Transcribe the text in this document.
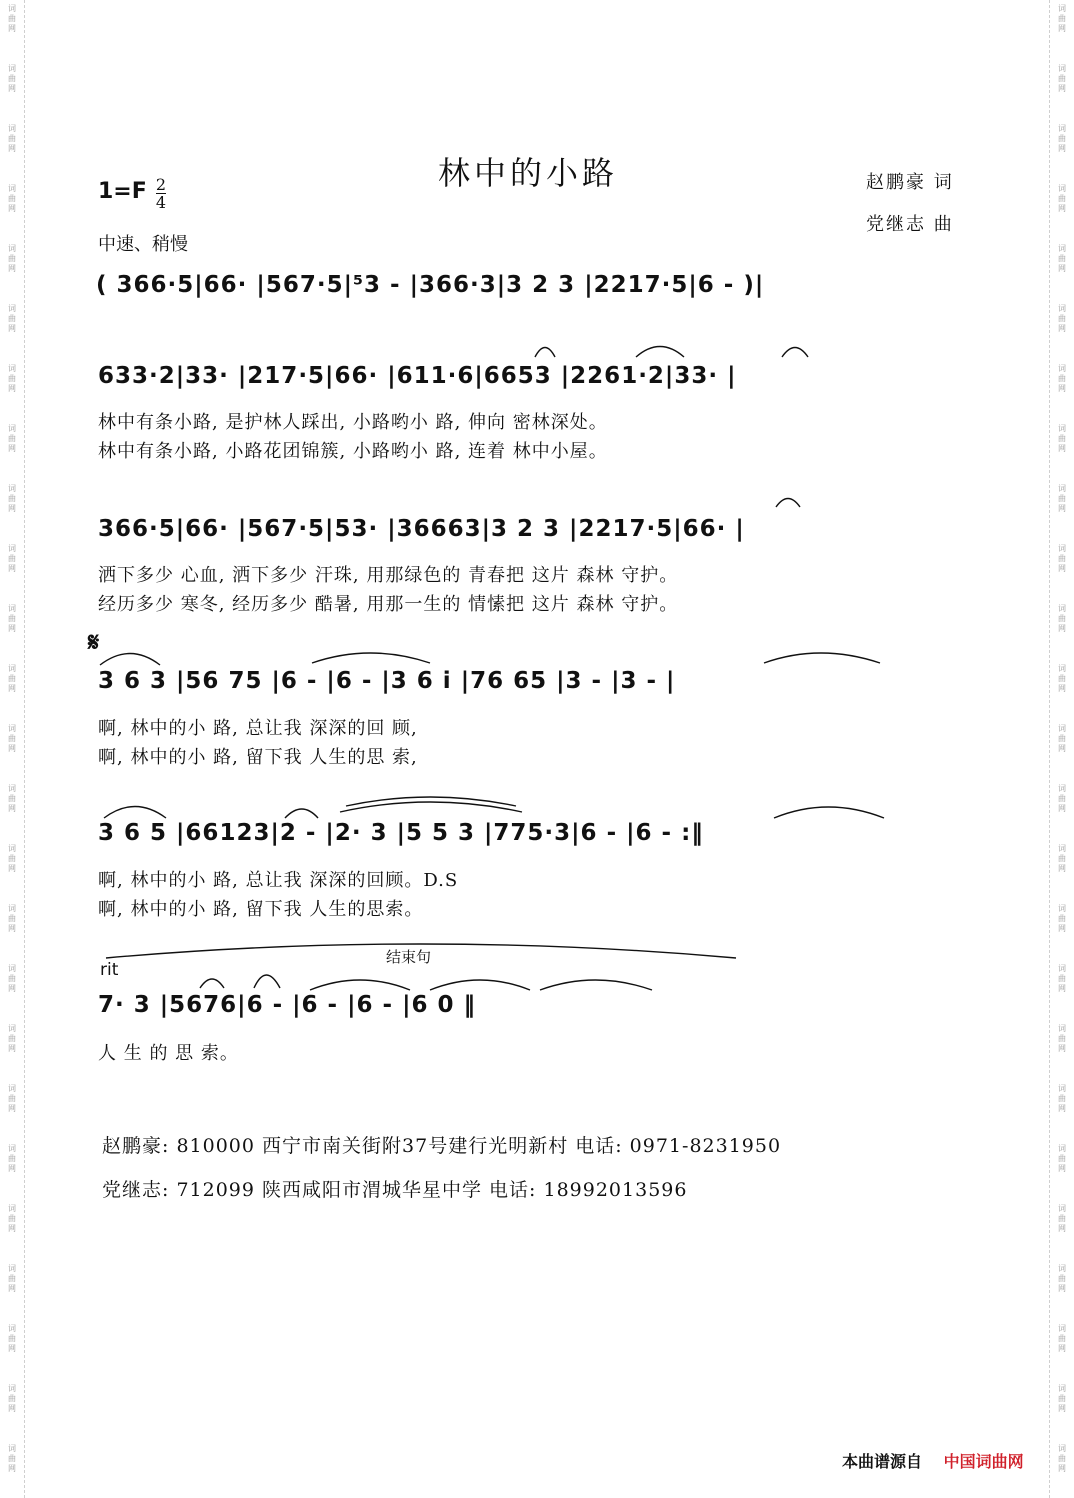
词
曲
网
词
曲
网
词
曲
网
词
曲
网
词
曲
网
词
曲
网
词
曲
网
词
曲
网
词
曲
网
词
曲
网
词
曲
网
词
曲
网
词
曲
网
词
曲
网
词
曲
网
词
曲
网
词
曲
网
词
曲
网
词
曲
网
词
曲
网
词
曲
网
词
曲
网
词
曲
网
词
曲
网
词
曲
网
词
曲
网
词
曲
网
词
曲
网
词
曲
网
词
曲
网
词
曲
网
词
曲
网
词
曲
网
词
曲
网
词
曲
网
词
曲
网
词
曲
网
词
曲
网
词
曲
网
词
曲
网
词
曲
网
词
曲
网
词
曲
网
词
曲
网
词
曲
网
词
曲
网
词
曲
网
词
曲
网
词
曲
网
词
曲
网
林中的小路	赵鹏豪 词
党继志 曲
$1=F \frac{2}{4}$
中速、稍慢
( 366·5|66· |567·5|⁵3 - |366·3|3 2 3 |2217·5|6 - )|
633·2|33· |217·5|66· |611·6|6653 |2261·2|33· |
林中有条小路, 是护林人踩出, 小路哟小 路, 伸向 密林深处。
林中有条小路, 小路花团锦簇, 小路哟小 路, 连着 林中小屋。
366·5|66· |567·5|53· |36663|3 2 3 |2217·5|66· |
洒下多少 心血, 洒下多少 汗珠, 用那绿色的 青春把 这片 森林 守护。
经历多少 寒冬, 经历多少 酷暑, 用那一生的 情愫把 这片 森林 守护。
𝄋
3 6 3 |56 75 |6 - |6 - |3 6 i |76 65 |3 - |3 - |
啊, 林中的小 路, 总让我 深深的回 顾,
啊, 林中的小 路, 留下我 人生的思 索,
3 6 5 |66123|2 - |2· 3 |5 5 3 |775·3|6 - |6 - :‖
啊, 林中的小 路, 总让我 深深的回顾。D.S
啊, 林中的小 路, 留下我 人生的思索。
rit
结束句
7· 3 |5676|6 - |6 - |6 - |6 0 ‖
人 生 的 思 索。
赵鹏豪: 810000 西宁市南关街附37号建行光明新村 电话: 0971-8231950
党继志: 712099 陕西咸阳市渭城华星中学 电话: 18992013596
本曲谱源自 中国词曲网
